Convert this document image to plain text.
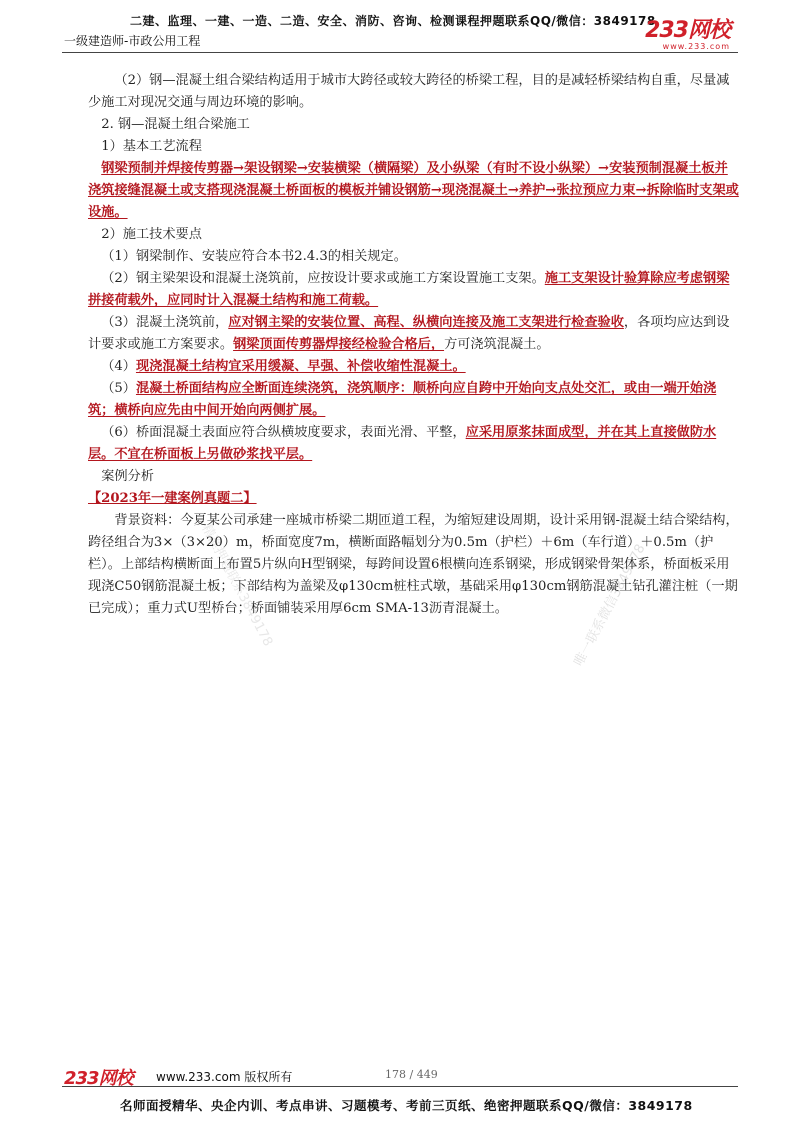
二建、监理、一建、一造、二造、安全、消防、咨询、检测课程押题联系QQ/微信：3849178
一级建造师-市政公用工程	233网校
www.233.com

（2）钢—混凝土组合梁结构适用于城市大跨径或较大跨径的桥梁工程，目的是减轻桥梁结构自重，尽量减少施工对现况交通与周边环境的影响。

2. 钢—混凝土组合梁施工

1）基本工艺流程

钢梁预制并焊接传剪器→架设钢梁→安装横梁（横隔梁）及小纵梁（有时不设小纵梁）→安装预制混凝土板并浇筑接缝混凝土或支搭现浇混凝土桥面板的模板并铺设钢筋→现浇混凝土→养护→张拉预应力束→拆除临时支架或设施。

2）施工技术要点

（1）钢梁制作、安装应符合本书2.4.3的相关规定。

（2）钢主梁架设和混凝土浇筑前，应按设计要求或施工方案设置施工支架。施工支架设计验算除应考虑钢梁拼接荷载外，应同时计入混凝土结构和施工荷载。

（3）混凝土浇筑前，应对钢主梁的安装位置、高程、纵横向连接及施工支架进行检查验收，各项均应达到设计要求或施工方案要求。钢梁顶面传剪器焊接经检验合格后，方可浇筑混凝土。

（4）现浇混凝土结构宜采用缓凝、早强、补偿收缩性混凝土。

（5）混凝土桥面结构应全断面连续浇筑，浇筑顺序：顺桥向应自跨中开始向支点处交汇，或由一端开始浇筑；横桥向应先由中间开始向两侧扩展。

（6）桥面混凝土表面应符合纵横坡度要求，表面光滑、平整，应采用原浆抹面成型，并在其上直接做防水层。不宜在桥面板上另做砂浆找平层。

案例分析

【2023年一建案例真题二】

背景资料：今夏某公司承建一座城市桥梁二期匝道工程，为缩短建设周期，设计采用钢-混凝土结合梁结构，跨径组合为3×（3×20）m，桥面宽度7m，横断面路幅划分为0.5m（护栏）＋6m（车行道）＋0.5m（护栏）。上部结构横断面上布置5片纵向H型钢梁，每跨间设置6根横向连系钢梁，形成钢梁骨架体系，桥面板采用现浇C50钢筋混凝土板；下部结构为盖梁及φ130cm桩柱式墩，基础采用φ130cm钢筋混凝土钻孔灌注桩（一期已完成）；重力式U型桥台；桥面铺装采用厚6cm SMA-13沥青混凝土。

精准押题联系3849178	唯一联系微信3849178
233网校 www.233.com 版权所有	178 / 449
名师面授精华、央企内训、考点串讲、习题模考、考前三页纸、绝密押题联系QQ/微信：3849178
